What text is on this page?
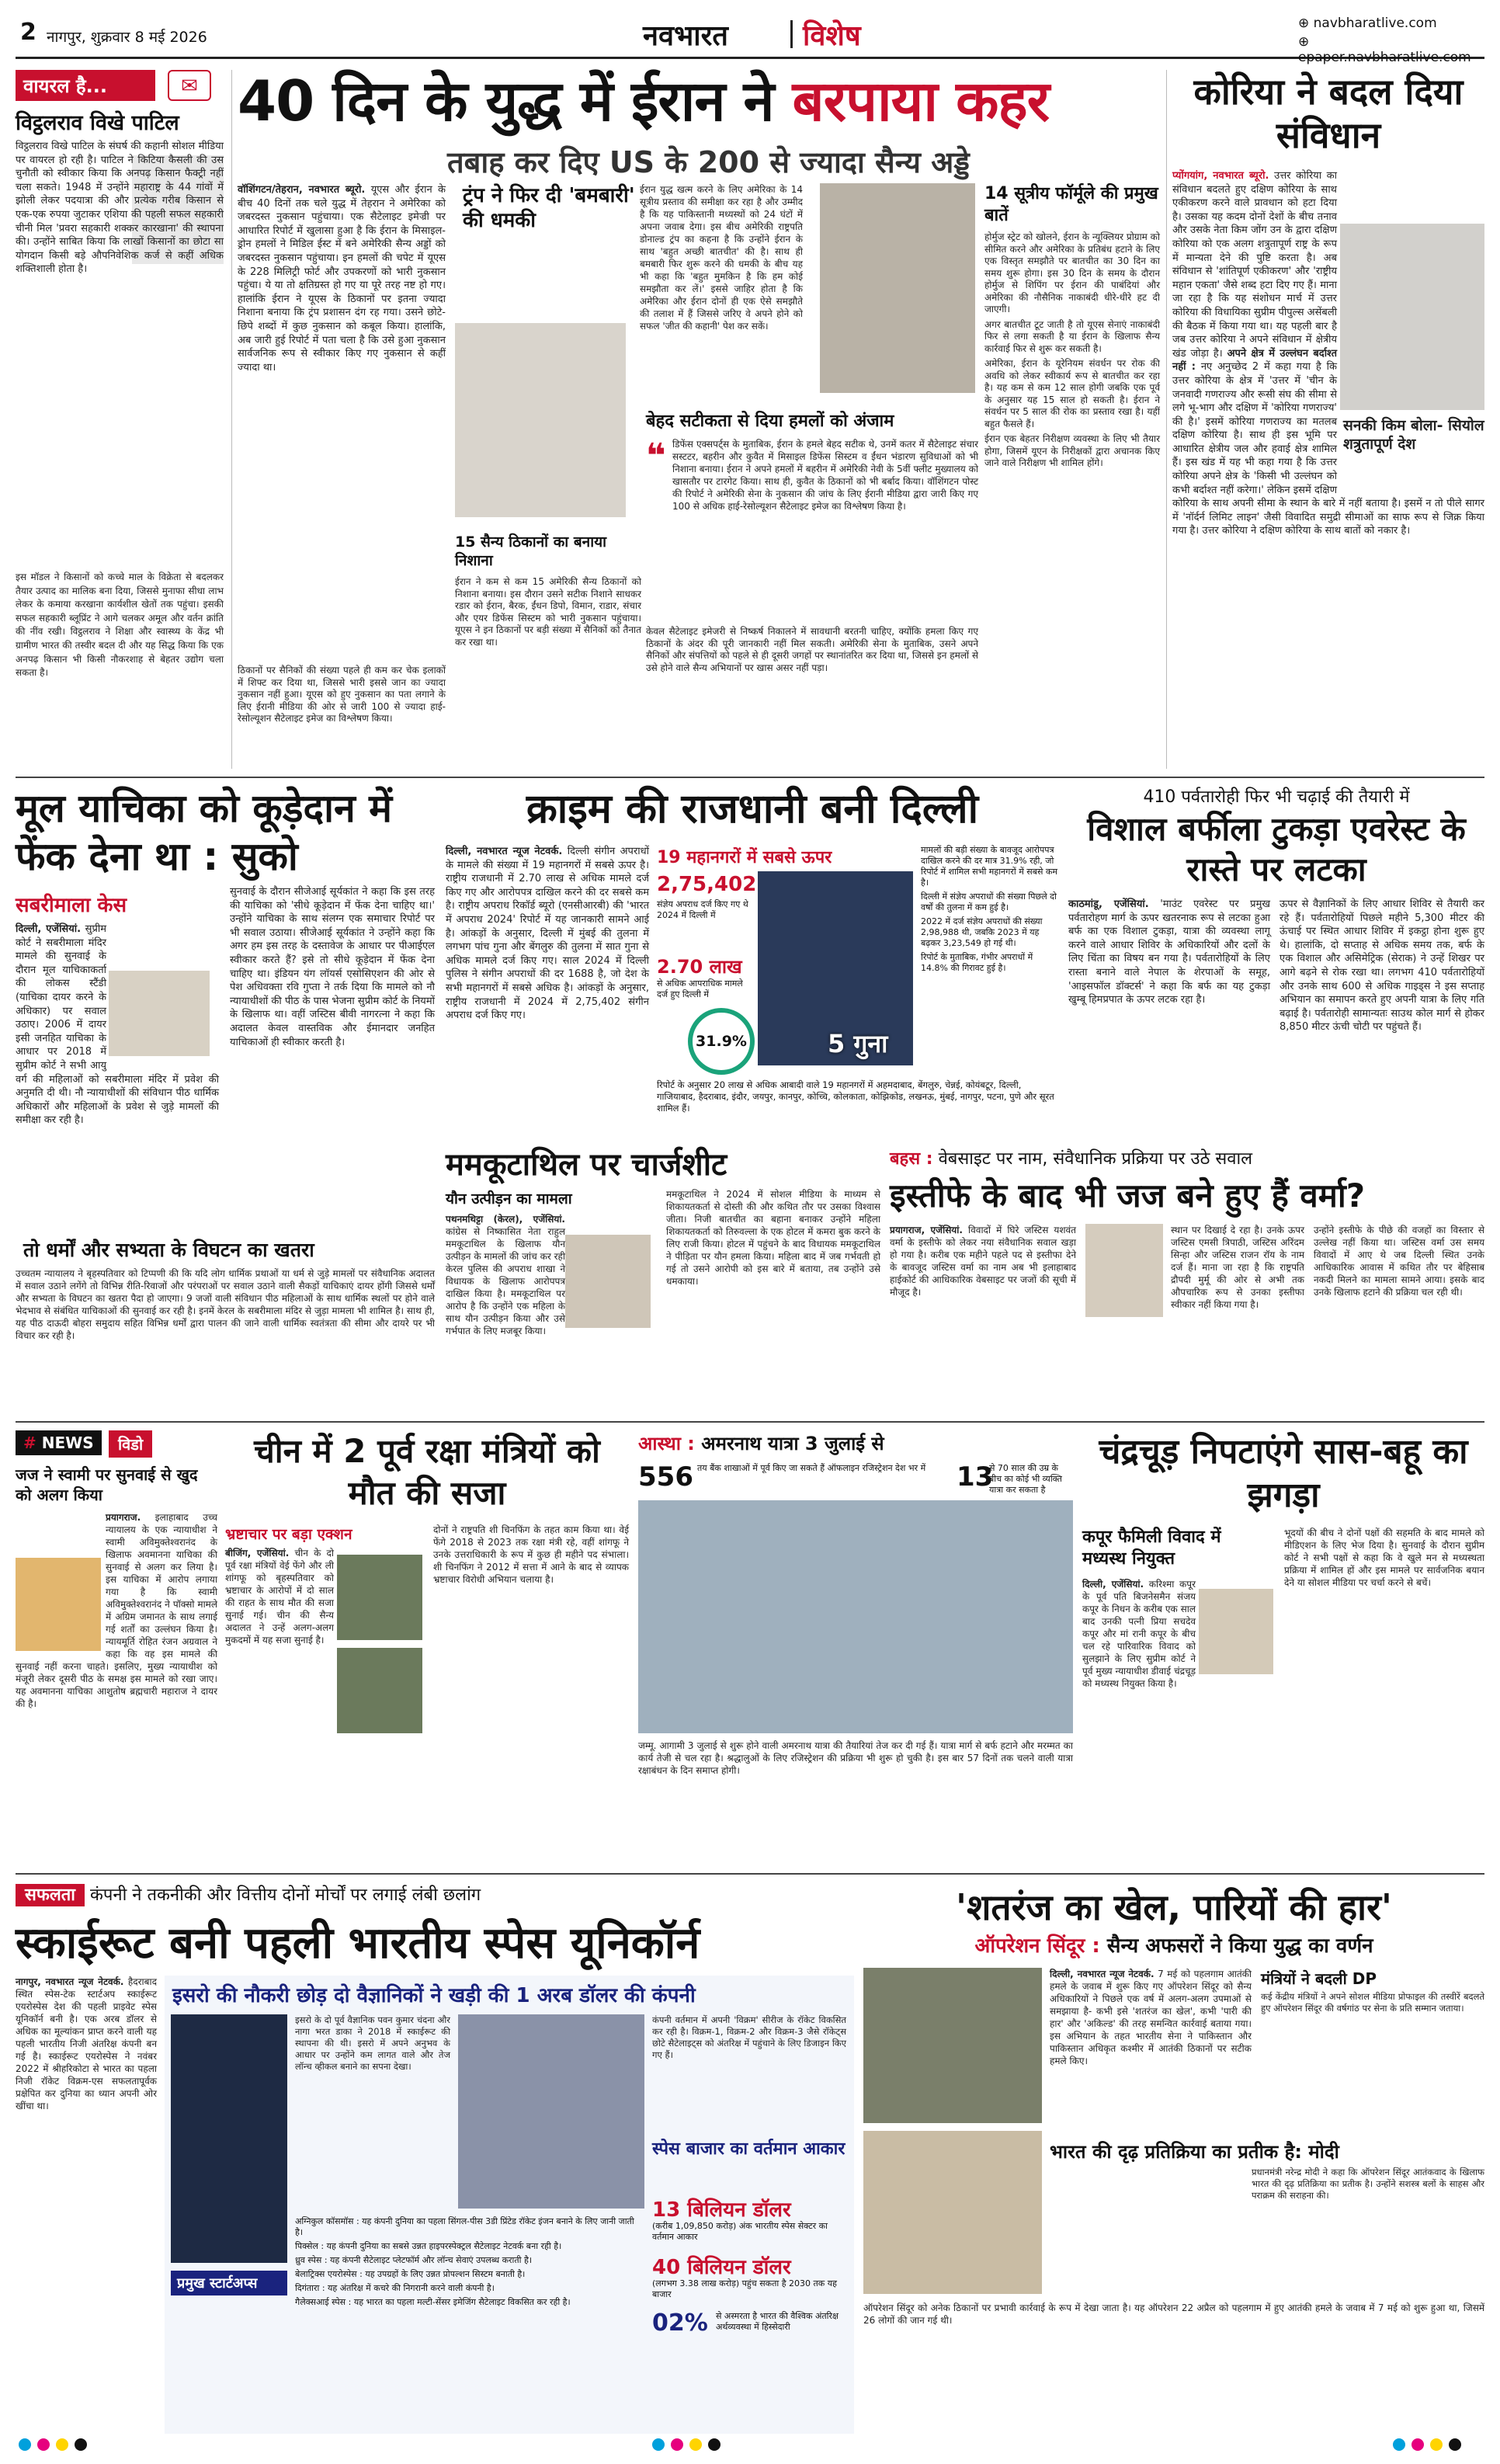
2 नागपुर, शुक्रवार 8 मई 2026	नवभारत	विशेष	⊕ navbharatlive.com
⊕ epaper.navbharatlive.com
वायरल है...	✉
विट्ठलराव विखे पाटिल
विट्ठलराव विखे पाटिल के संघर्ष की कहानी सोशल मीडिया पर वायरल हो रही है। पाटिल ने किटिया कैसली की उस चुनौती को स्वीकार किया कि अनपढ़ किसान फैक्ट्री नहीं चला सकते। 1948 में उन्होंने महाराष्ट्र के 44 गांवों में झोली लेकर पदयात्रा की और प्रत्येक गरीब किसान से एक-एक रुपया जुटाकर एशिया की पहली सफल सहकारी चीनी मिल 'प्रवरा सहकारी शक्कर कारखाना' की स्थापना की। उन्होंने साबित किया कि लाखों किसानों का छोटा सा योगदान किसी बड़े औपनिवेशिक कर्ज से कहीं अधिक शक्तिशाली होता है।
इस मॉडल ने किसानों को कच्चे माल के विक्रेता से बदलकर तैयार उत्पाद का मालिक बना दिया, जिससे मुनाफा सीधा लाभ लेकर के कमाया करखाना कार्यशील खेतों तक पहुंचा। इसकी सफल सहकारी ब्लूप्रिंट ने आगे चलकर अमूल और वर्तन क्रांति की नींव रखी। विट्ठलराव ने शिक्षा और स्वास्थ्य के केंद्र भी ग्रामीण भारत की तस्वीर बदल दी और यह सिद्ध किया कि एक अनपढ़ किसान भी किसी नौकरशाह से बेहतर उद्योग चला सकता है।
40 दिन के युद्ध में ईरान ने बरपाया कहर
तबाह कर दिए US के 200 से ज्यादा सैन्य अड्डे
वॉशिंगटन/तेहरान, नवभारत ब्यूरो. यूएस और ईरान के बीच 40 दिनों तक चले युद्ध में तेहरान ने अमेरिका को जबरदस्त नुकसान पहुंचाया। एक सैटेलाइट इमेज्री पर आधारित रिपोर्ट में खुलासा हुआ है कि ईरान के मिसाइल-ड्रोन हमलों ने मिडिल ईस्ट में बने अमेरिकी सैन्य अड्डों को जबरदस्त नुकसान पहुंचाया। इन हमलों की चपेट में यूएस के 228 मिलिट्री फोर्ट और उपकरणों को भारी नुकसान पहुंचा। ये या तो क्षतिग्रस्त हो गए या पूरे तरह नष्ट हो गए। हालांकि ईरान ने यूएस के ठिकानों पर इतना ज्यादा निशाना बनाया कि ट्रंप प्रशासन दंग रह गया। उसने छोटे-छिपे शब्दों में कुछ नुकसान को कबूल किया। हालांकि, अब जारी हुई रिपोर्ट में पता चला है कि उसे हुआ नुकसान सार्वजनिक रूप से स्वीकार किए गए नुकसान से कहीं ज्यादा था।
ट्रंप ने फिर दी 'बमबारी' की धमकी
ईरान युद्ध खत्म करने के लिए अमेरिका के 14 सूत्रीय प्रस्ताव की समीक्षा कर रहा है और उम्मीद है कि यह पाकिस्तानी मध्यस्थों को 24 घंटों में अपना जवाब देगा। इस बीच अमेरिकी राष्ट्रपति डोनाल्ड ट्रंप का कहना है कि उन्होंने ईरान के साथ 'बहुत अच्छी बातचीत' की है। साथ ही बमबारी फिर शुरू करने की धमकी के बीच यह भी कहा कि 'बहुत मुमकिन है कि हम कोई समझौता कर लें।' इससे जाहिर होता है कि अमेरिका और ईरान दोनों ही एक ऐसे समझौते की तलाश में हैं जिससे जरिए वे अपने होने को सफल 'जीत की कहानी' पेश कर सकें।
14 सूत्रीय फॉर्मूले की प्रमुख बातें

होर्मुज स्ट्रेट को खोलने, ईरान के न्यूक्लियर प्रोग्राम को सीमित करने और अमेरिका के प्रतिबंध हटाने के लिए एक विस्तृत समझौते पर बातचीत का 30 दिन का समय शुरू होगा। इस 30 दिन के समय के दौरान होर्मुज से शिपिंग पर ईरान की पाबंदियां और अमेरिका की नौसैनिक नाकाबंदी धीरे-धीरे हट दी जाएगी।

अगर बातचीत टूट जाती है तो यूएस सेनाएं नाकाबंदी फिर से लगा सकती है या ईरान के खिलाफ सैन्य कार्रवाई फिर से शुरू कर सकती है।

अमेरिका, ईरान के यूरेनियम संवर्धन पर रोक की अवधि को लेकर स्वीकार्य रूप से बातचीत कर रहा है। यह कम से कम 12 साल होगी जबकि एक पूर्व के अनुसार यह 15 साल हो सकती है। ईरान ने संवर्धन पर 5 साल की रोक का प्रस्ताव रखा है। यहीं बहुत फैसले हैं।

ईरान एक बेहतर निरीक्षण व्यवस्था के लिए भी तैयार होगा, जिसमें यूएन के निरीक्षकों द्वारा अचानक किए जाने वाले निरीक्षण भी शामिल होंगे।

बेहद सटीकता से दिया हमलों को अंजाम
❝ डिफेंस एक्सपर्ट्स के मुताबिक, ईरान के हमले बेहद सटीक थे, उनमें कतर में सैटेलाइट संचार सस्टटर, बहरीन और कुवैत में मिसाइल डिफेंस सिस्टम व ईंधन भंडारण सुविधाओं को भी निशाना बनाया। ईरान ने अपने हमलों में बहरीन में अमेरिकी नेवी के 5वीं फ्लीट मुख्यालय को खासतौर पर टारगेट किया। साथ ही, कुवैत के ठिकानों को भी बर्बाद किया। वॉशिंगटन पोस्ट की रिपोर्ट ने अमेरिकी सेना के नुकसान की जांच के लिए ईरानी मीडिया द्वारा जारी किए गए 100 से अधिक हाई-रेसोल्यूशन सैटेलाइट इमेज का विश्लेषण किया है।
15 सैन्य ठिकानों का बनाया निशाना
ईरान ने कम से कम 15 अमेरिकी सैन्य ठिकानों को निशाना बनाया। इस दौरान उसने सटीक निशाने साधकर रडार को ईरान, बैरक, ईंधन डिपो, विमान, राडार, संचार और एयर डिफेंस सिस्टम को भारी नुकसान पहुंचाया। यूएस ने इन ठिकानों पर बड़ी संख्या में सैनिकों को तैनात कर रखा था।
ठिकानों पर सैनिकों की संख्या पहले ही कम कर चेक इलाकों में शिफ्ट कर दिया था, जिससे भारी इससे जान का ज्यादा नुकसान नहीं हुआ। यूएस को हुए नुकसान का पता लगाने के लिए ईरानी मीडिया की ओर से जारी 100 से ज्यादा हाई-रेसोल्यूशन सैटेलाइट इमेज का विश्लेषण किया।
केवल सैटेलाइट इमेजरी से निष्कर्ष निकालने में सावधानी बरतनी चाहिए, क्योंकि हमला किए गए ठिकानों के अंदर की पूरी जानकारी नहीं मिल सकती। अमेरिकी सेना के मुताबिक, उसने अपने सैनिकों और संपत्तियों को पहले से ही दूसरी जगहों पर स्थानांतरित कर दिया था, जिससे इन हमलों से उसे होने वाले सैन्य अभियानों पर खास असर नहीं पड़ा।
कोरिया ने बदल दिया संविधान
सनकी किम बोला- सियोल शत्रुतापूर्ण देश
प्योंगयांग, नवभारत ब्यूरो. उत्तर कोरिया का संविधान बदलते हुए दक्षिण कोरिया के साथ एकीकरण करने वाले प्रावधान को हटा दिया है। उसका यह कदम दोनों देशों के बीच तनाव और उसके नेता किम जोंग उन के द्वारा दक्षिण कोरिया को एक अलग शत्रुतापूर्ण राष्ट्र के रूप में मान्यता देने की पुष्टि करता है। अब संविधान से 'शांतिपूर्ण एकीकरण' और 'राष्ट्रीय महान एकता' जैसे शब्द हटा दिए गए हैं। माना जा रहा है कि यह संशोधन मार्च में उत्तर कोरिया की विधायिका सुप्रीम पीपुल्स असेंबली की बैठक में किया गया था। यह पहली बार है जब उत्तर कोरिया ने अपने संविधान में क्षेत्रीय खंड जोड़ा है। अपने क्षेत्र में उल्लंघन बर्दाश्त नहीं : नए अनुच्छेद 2 में कहा गया है कि उत्तर कोरिया के क्षेत्र में 'उत्तर में 'चीन के जनवादी गणराज्य और रूसी संघ की सीमा से लगे भू-भाग और दक्षिण में 'कोरिया गणराज्य' की है।' इसमें कोरिया गणराज्य का मतलब दक्षिण कोरिया है। साथ ही इस भूमि पर आधारित क्षेत्रीय जल और हवाई क्षेत्र शामिल हैं। इस खंड में यह भी कहा गया है कि उत्तर कोरिया अपने क्षेत्र के 'किसी भी उल्लंघन को कभी बर्दाश्त नहीं करेगा।' लेकिन इसमें दक्षिण कोरिया के साथ अपनी सीमा के स्थान के बारे में नहीं बताया है। इसमें न तो पीले सागर में 'नॉर्दर्न लिमिट लाइन' जैसी विवादित समुद्री सीमाओं का साफ रूप से जिक्र किया गया है। उत्तर कोरिया ने दक्षिण कोरिया के साथ बातों को नकार है।
मूल याचिका को कूड़ेदान में फेंक देना था : सुको
सबरीमाला केस
दिल्ली, एजेंसियां. सुप्रीम कोर्ट ने सबरीमाला मंदिर मामले की सुनवाई के दौरान मूल याचिकाकर्ता की लोकस स्टैंडी (याचिका दायर करने के अधिकार) पर सवाल उठाए। 2006 में दायर इसी जनहित याचिका के आधार पर 2018 में सुप्रीम कोर्ट ने सभी आयु वर्ग की महिलाओं को सबरीमाला मंदिर में प्रवेश की अनुमति दी थी। नौ न्यायाधीशों की संविधान पीठ धार्मिक अधिकारों और महिलाओं के प्रवेश से जुड़े मामलों की समीक्षा कर रही है।
सुनवाई के दौरान सीजेआई सूर्यकांत ने कहा कि इस तरह की याचिका को 'सीधे कूड़ेदान में फेंक देना चाहिए था।' उन्होंने याचिका के साथ संलग्न एक समाचार रिपोर्ट पर भी सवाल उठाया। सीजेआई सूर्यकांत ने उन्होंने कहा कि अगर हम इस तरह के दस्तावेज के आधार पर पीआईएल स्वीकार करते हैं? इसे तो सीधे कूड़ेदान में फेंक देना चाहिए था। इंडियन यंग लॉयर्स एसोसिएशन की ओर से पेश अधिवक्ता रवि गुप्ता ने तर्क दिया कि मामले को नौ न्यायाधीशों की पीठ के पास भेजना सुप्रीम कोर्ट के नियमों के खिलाफ था। वहीं जस्टिस बीवी नागरत्ना ने कहा कि अदालत केवल वास्तविक और ईमानदार जनहित याचिकाओं ही स्वीकार करती है।
तो धर्मों और सभ्यता के विघटन का खतरा
उच्चतम न्यायालय ने बृहस्पतिवार को टिप्पणी की कि यदि लोग धार्मिक प्रथाओं या धर्म से जुड़े मामलों पर संवैधानिक अदालत में सवाल उठाने लगेंगे तो विभिन्न रीति-रिवाजों और परंपराओं पर सवाल उठाने वाली सैकड़ों याचिकाएं दायर होंगी जिससे धर्मों और सभ्यता के विघटन का खतरा पैदा हो जाएगा। 9 जजों वाली संविधान पीठ महिलाओं के साथ धार्मिक स्थलों पर होने वाले भेदभाव से संबंधित याचिकाओं की सुनवाई कर रही है। इनमें केरल के सबरीमाला मंदिर से जुड़ा मामला भी शामिल है। साथ ही, यह पीठ दाऊदी बोहरा समुदाय सहित विभिन्न धर्मों द्वारा पालन की जाने वाली धार्मिक स्वतंत्रता की सीमा और दायरे पर भी विचार कर रही है।
क्राइम की राजधानी बनी दिल्ली
दिल्ली, नवभारत न्यूज नेटवर्क. दिल्ली संगीन अपराधों के मामले की संख्या में 19 महानगरों में सबसे ऊपर है। राष्ट्रीय राजधानी में 2.70 लाख से अधिक मामले दर्ज किए गए और आरोपपत्र दाखिल करने की दर सबसे कम है। राष्ट्रीय अपराध रिकॉर्ड ब्यूरो (एनसीआरबी) की 'भारत में अपराध 2024' रिपोर्ट में यह जानकारी सामने आई है। आंकड़ों के अनुसार, दिल्ली में मुंबई की तुलना में लगभग पांच गुना और बेंगलुरु की तुलना में सात गुना से अधिक मामले दर्ज किए गए। साल 2024 में दिल्ली पुलिस ने संगीन अपराधों की दर 1688 है, जो देश के सभी महानगरों में सबसे अधिक है। आंकड़ों के अनुसार, राष्ट्रीय राजधानी में 2024 में 2,75,402 संगीन अपराध दर्ज किए गए।
19 महानगरों में सबसे ऊपर
2,75,402
संज्ञेय अपराध दर्ज किए गए थे 2024 में दिल्ली में
2.70 लाख
से अधिक आपराधिक मामले दर्ज हुए दिल्ली में
31.9%	5 गुना

मामलों की बड़ी संख्या के बावजूद आरोपपत्र दाखिल करने की दर मात्र 31.9% रही, जो रिपोर्ट में शामिल सभी महानगरों में सबसे कम है।

दिल्ली में संज्ञेय अपराधों की संख्या पिछले दो वर्षों की तुलना में कम हुई है।

2022 में दर्ज संज्ञेय अपराधों की संख्या 2,98,988 थी, जबकि 2023 में यह बढ़कर 3,23,549 हो गई थी।

रिपोर्ट के मुताबिक, गंभीर अपराधों में 14.8% की गिरावट हुई है।

रिपोर्ट के अनुसार 20 लाख से अधिक आबादी वाले 19 महानगरों में अहमदाबाद, बेंगलुरु, चेन्नई, कोयंबटूर, दिल्ली, गाजियाबाद, हैदराबाद, इंदौर, जयपुर, कानपुर, कोच्चि, कोलकाता, कोझिकोड, लखनऊ, मुंबई, नागपुर, पटना, पुणे और सूरत शामिल हैं।
410 पर्वतारोही फिर भी चढ़ाई की तैयारी में
विशाल बर्फीला टुकड़ा एवरेस्ट के रास्ते पर लटका
काठमांडू, एजेंसियां. 'माउंट एवरेस्ट पर प्रमुख पर्वतारोहण मार्ग के ऊपर खतरनाक रूप से लटका हुआ बर्फ का एक विशाल टुकड़ा, यात्रा की व्यवस्था लागू करने वाले आधार शिविर के अधिकारियों और दलों के लिए चिंता का विषय बन गया है। पर्वतारोहियों के लिए रास्ता बनाने वाले नेपाल के शेरपाओं के समूह, 'आइसफॉल डॉक्टर्स' ने कहा कि बर्फ का यह टुकड़ा खुम्बू हिमप्रपात के ऊपर लटक रहा है।
ऊपर से वैज्ञानिकों के लिए आधार शिविर से तैयारी कर रहे हैं। पर्वतारोहियों पिछले महीने 5,300 मीटर की ऊंचाई पर स्थित आधार शिविर में इकट्ठा होना शुरू हुए थे। हालांकि, दो सप्ताह से अधिक समय तक, बर्फ के एक विशाल और असिमेट्रिक (सेराक) ने उन्हें शिखर पर आगे बढ़ने से रोक रखा था। लगभग 410 पर्वतारोहियों और उनके साथ 600 से अधिक गाइड्स ने इस सप्ताह अभियान का समापन करते हुए अपनी यात्रा के लिए गति बढ़ाई है। पर्वतारोही सामान्यतः साउथ कोल मार्ग से होकर 8,850 मीटर ऊंची चोटी पर पहुंचते हैं।
ममकूटाथिल पर चार्जशीट
यौन उत्पीड़न का मामला
पथनमथिट्टा (केरल), एजेंसियां. कांग्रेस से निष्कासित नेता राहुल ममकूटाथिल के खिलाफ यौन उत्पीड़न के मामलों की जांच कर रही केरल पुलिस की अपराध शाखा ने विधायक के खिलाफ आरोपपत्र दाखिल किया है। ममकूटाथिल पर आरोप है कि उन्होंने एक महिला के साथ यौन उत्पीड़न किया और उसे गर्भपात के लिए मजबूर किया।
ममकूटाथिल ने 2024 में सोशल मीडिया के माध्यम से शिकायतकर्ता से दोस्ती की और कथित तौर पर उसका विश्वास जीता। निजी बातचीत का बहाना बनाकर उन्होंने महिला शिकायतकर्ता को तिरुवल्ला के एक होटल में कमरा बुक करने के लिए राजी किया। होटल में पहुंचने के बाद विधायक ममकूटाथिल ने पीड़िता पर यौन हमला किया। महिला बाद में जब गर्भवती हो गई तो उसने आरोपी को इस बारे में बताया, तब उन्होंने उसे धमकाया।
बहस : वेबसाइट पर नाम, संवैधानिक प्रक्रिया पर उठे सवाल
इस्तीफे के बाद भी जज बने हुए हैं वर्मा?
प्रयागराज, एजेंसियां. विवादों में घिरे जस्टिस यशवंत वर्मा के इस्तीफे को लेकर नया संवैधानिक सवाल खड़ा हो गया है। करीब एक महीने पहले पद से इस्तीफा देने के बावजूद जस्टिस वर्मा का नाम अब भी इलाहाबाद हाईकोर्ट की आधिकारिक वेबसाइट पर जजों की सूची में मौजूद है।
स्थान पर दिखाई दे रहा है। उनके ऊपर जस्टिस एमसी त्रिपाठी, जस्टिस अरिंदम सिन्हा और जस्टिस राजन रॉय के नाम दर्ज हैं। माना जा रहा है कि राष्ट्रपति द्रौपदी मुर्मू की ओर से अभी तक औपचारिक रूप से उनका इस्तीफा स्वीकार नहीं किया गया है।
उन्होंने इस्तीफे के पीछे की वजहों का विस्तार से उल्लेख नहीं किया था। जस्टिस वर्मा उस समय विवादों में आए थे जब दिल्ली स्थित उनके आधिकारिक आवास में कथित तौर पर बेहिसाब नकदी मिलने का मामला सामने आया। इसके बाद उनके खिलाफ हटाने की प्रक्रिया चल रही थी।
# NEWS	विडो
जज ने स्वामी पर सुनवाई से खुद को अलग किया
प्रयागराज. इलाहाबाद उच्च न्यायालय के एक न्यायाधीश ने स्वामी अविमुक्तेश्वरानंद के खिलाफ अवमानना याचिका की सुनवाई से अलग कर लिया है। इस याचिका में आरोप लगाया गया है कि स्वामी अविमुक्तेश्वरानंद ने पॉक्सो मामले में अग्रिम जमानत के साथ लगाई गई शर्तों का उल्लंघन किया है। न्यायमूर्ति रोहित रंजन अग्रवाल ने कहा कि वह इस मामले की सुनवाई नहीं करना चाहते। इसलिए, मुख्य न्यायाधीश को मंजूरी लेकर दूसरी पीठ के समक्ष इस मामले को रखा जाए। यह अवमानना याचिका आशुतोष ब्रह्मचारी महाराज ने दायर की है।
चीन में 2 पूर्व रक्षा मंत्रियों को मौत की सजा
भ्रष्टाचार पर बड़ा एक्शन
बीजिंग, एजेंसियां. चीन के दो पूर्व रक्षा मंत्रियों वेई फेंगे और ली शांगफू को बृहस्पतिवार को भ्रष्टाचार के आरोपों में दो साल की राहत के साथ मौत की सजा सुनाई गई। चीन की सैन्य अदालत ने उन्हें अलग-अलग मुकदमों में यह सजा सुनाई है।
दोनों ने राष्ट्रपति शी चिनफिंग के तहत काम किया था। वेई फेंगे 2018 से 2023 तक रक्षा मंत्री रहे, वहीं शांगफू ने उनके उत्तराधिकारी के रूप में कुछ ही महीने पद संभाला। शी चिनफिंग ने 2012 में सत्ता में आने के बाद से व्यापक भ्रष्टाचार विरोधी अभियान चलाया है।
आस्था : अमरनाथ यात्रा 3 जुलाई से
556 तय बैंक शाखाओं में पूर्व किए जा सकते हैं ऑफलाइन रजिस्ट्रेशन देश भर में	13
से 70 साल की उम्र के बीच का कोई भी व्यक्ति यात्रा कर सकता है
जम्मू. आगामी 3 जुलाई से शुरू होने वाली अमरनाथ यात्रा की तैयारियां तेज कर दी गई हैं। यात्रा मार्ग से बर्फ हटाने और मरम्मत का कार्य तेजी से चल रहा है। श्रद्धालुओं के लिए रजिस्ट्रेशन की प्रक्रिया भी शुरू हो चुकी है। इस बार 57 दिनों तक चलने वाली यात्रा रक्षाबंधन के दिन समाप्त होगी।
चंद्रचूड़ निपटाएंगे सास-बहू का झगड़ा
कपूर फैमिली विवाद में मध्यस्थ नियुक्त
दिल्ली, एजेंसियां. करिश्मा कपूर के पूर्व पति बिजनेसमैन संजय कपूर के निधन के करीब एक साल बाद उनकी पत्नी प्रिया सचदेव कपूर और मां रानी कपूर के बीच चल रहे पारिवारिक विवाद को सुलझाने के लिए सुप्रीम कोर्ट ने पूर्व मुख्य न्यायाधीश डीवाई चंद्रचूड़ को मध्यस्थ नियुक्त किया है।
भूदयों की बीच ने दोनों पक्षों की सहमति के बाद मामले को मीडिएशन के लिए भेज दिया है। सुनवाई के दौरान सुप्रीम कोर्ट ने सभी पक्षों से कहा कि वे खुले मन से मध्यस्थता प्रक्रिया में शामिल हों और इस मामले पर सार्वजनिक बयान देने या सोशल मीडिया पर चर्चा करने से बचें।
सफलता कंपनी ने तकनीकी और वित्तीय दोनों मोर्चों पर लगाई लंबी छलांग
स्काईरूट बनी पहली भारतीय स्पेस यूनिकॉर्न
नागपुर, नवभारत न्यूज नेटवर्क. हैदराबाद स्थित स्पेस-टेक स्टार्टअप स्काईरूट एयरोस्पेस देश की पहली प्राइवेट स्पेस यूनिकॉर्न बनी है। एक अरब डॉलर से अधिक का मूल्यांकन प्राप्त करने वाली यह पहली भारतीय निजी अंतरिक्ष कंपनी बन गई है। स्काईरूट एयरोस्पेस ने नवंबर 2022 में श्रीहरिकोटा से भारत का पहला निजी रॉकेट विक्रम-एस सफलतापूर्वक प्रक्षेपित कर दुनिया का ध्यान अपनी ओर खींचा था।
इसरो की नौकरी छोड़ दो वैज्ञानिकों ने खड़ी की 1 अरब डॉलर की कंपनी
इसरो के दो पूर्व वैज्ञानिक पवन कुमार चंदना और नागा भरत डाका ने 2018 में स्काईरूट की स्थापना की थी। इसरो में अपने अनुभव के आधार पर उन्होंने कम लागत वाले और तेज लॉन्च व्हीकल बनाने का सपना देखा।
कंपनी वर्तमान में अपनी 'विक्रम' सीरीज के रॉकेट विकसित कर रही है। विक्रम-1, विक्रम-2 और विक्रम-3 जैसे रॉकेट्स छोटे सैटेलाइट्स को अंतरिक्ष में पहुंचाने के लिए डिजाइन किए गए हैं।
स्पेस बाजार का वर्तमान आकार
13 बिलियन डॉलर
(करीब 1,09,850 करोड़) अंक भारतीय स्पेस सेक्टर का वर्तमान आकार
40 बिलियन डॉलर
(लगभग 3.38 लाख करोड़) पहुंच सकता है 2030 तक यह बाजार
02% से अस्मरता है भारत की वैश्विक अंतरिक्ष अर्थव्यवस्था में हिस्सेदारी
प्रमुख स्टार्टअप्स

अग्निकुल कॉसमॉस : यह कंपनी दुनिया का पहला सिंगल-पीस 3डी प्रिंटेड रॉकेट इंजन बनाने के लिए जानी जाती है।

पिक्सेल : यह कंपनी दुनिया का सबसे उन्नत हाइपरस्पेक्ट्रल सैटेलाइट नेटवर्क बना रही है।

ध्रुव स्पेस : यह कंपनी सैटेलाइट प्लेटफॉर्म और लॉन्च सेवाएं उपलब्ध कराती है।

बेलाट्रिक्स एयरोस्पेस : यह उपग्रहों के लिए उन्नत प्रोपल्शन सिस्टम बनाती है।

दिगंतारा : यह अंतरिक्ष में कचरे की निगरानी करने वाली कंपनी है।

गैलेक्सआई स्पेस : यह भारत का पहला मल्टी-सेंसर इमेजिंग सैटेलाइट विकसित कर रही है।

'शतरंज का खेल, पारियों की हार'
ऑपरेशन सिंदूर : सैन्य अफसरों ने किया युद्ध का वर्णन
दिल्ली, नवभारत न्यूज नेटवर्क. 7 मई को पहलगाम आतंकी हमले के जवाब में शुरू किए गए ऑपरेशन सिंदूर को सैन्य अधिकारियों ने पिछले एक वर्ष में अलग-अलग उपमाओं से समझाया है- कभी इसे 'शतरंज का खेल', कभी 'पारी की हार' और 'अकिल्ड' की तरह समन्वित कार्रवाई बताया गया। इस अभियान के तहत भारतीय सेना ने पाकिस्तान और पाकिस्तान अधिकृत कश्मीर में आतंकी ठिकानों पर सटीक हमले किए।
मंत्रियों ने बदली DP
कई केंद्रीय मंत्रियों ने अपने सोशल मीडिया प्रोफाइल की तस्वीरें बदलते हुए ऑपरेशन सिंदूर की वर्षगांठ पर सेना के प्रति सम्मान जताया।
भारत की दृढ़ प्रतिक्रिया का प्रतीक है: मोदी
प्रधानमंत्री नरेन्द्र मोदी ने कहा कि ऑपरेशन सिंदूर आतंकवाद के खिलाफ भारत की दृढ़ प्रतिक्रिया का प्रतीक है। उन्होंने सशस्त्र बलों के साहस और पराक्रम की सराहना की।
ऑपरेशन सिंदूर को अनेक ठिकानों पर प्रभावी कार्रवाई के रूप में देखा जाता है। यह ऑपरेशन 22 अप्रैल को पहलगाम में हुए आतंकी हमले के जवाब में 7 मई को शुरू हुआ था, जिसमें 26 लोगों की जान गई थी।
